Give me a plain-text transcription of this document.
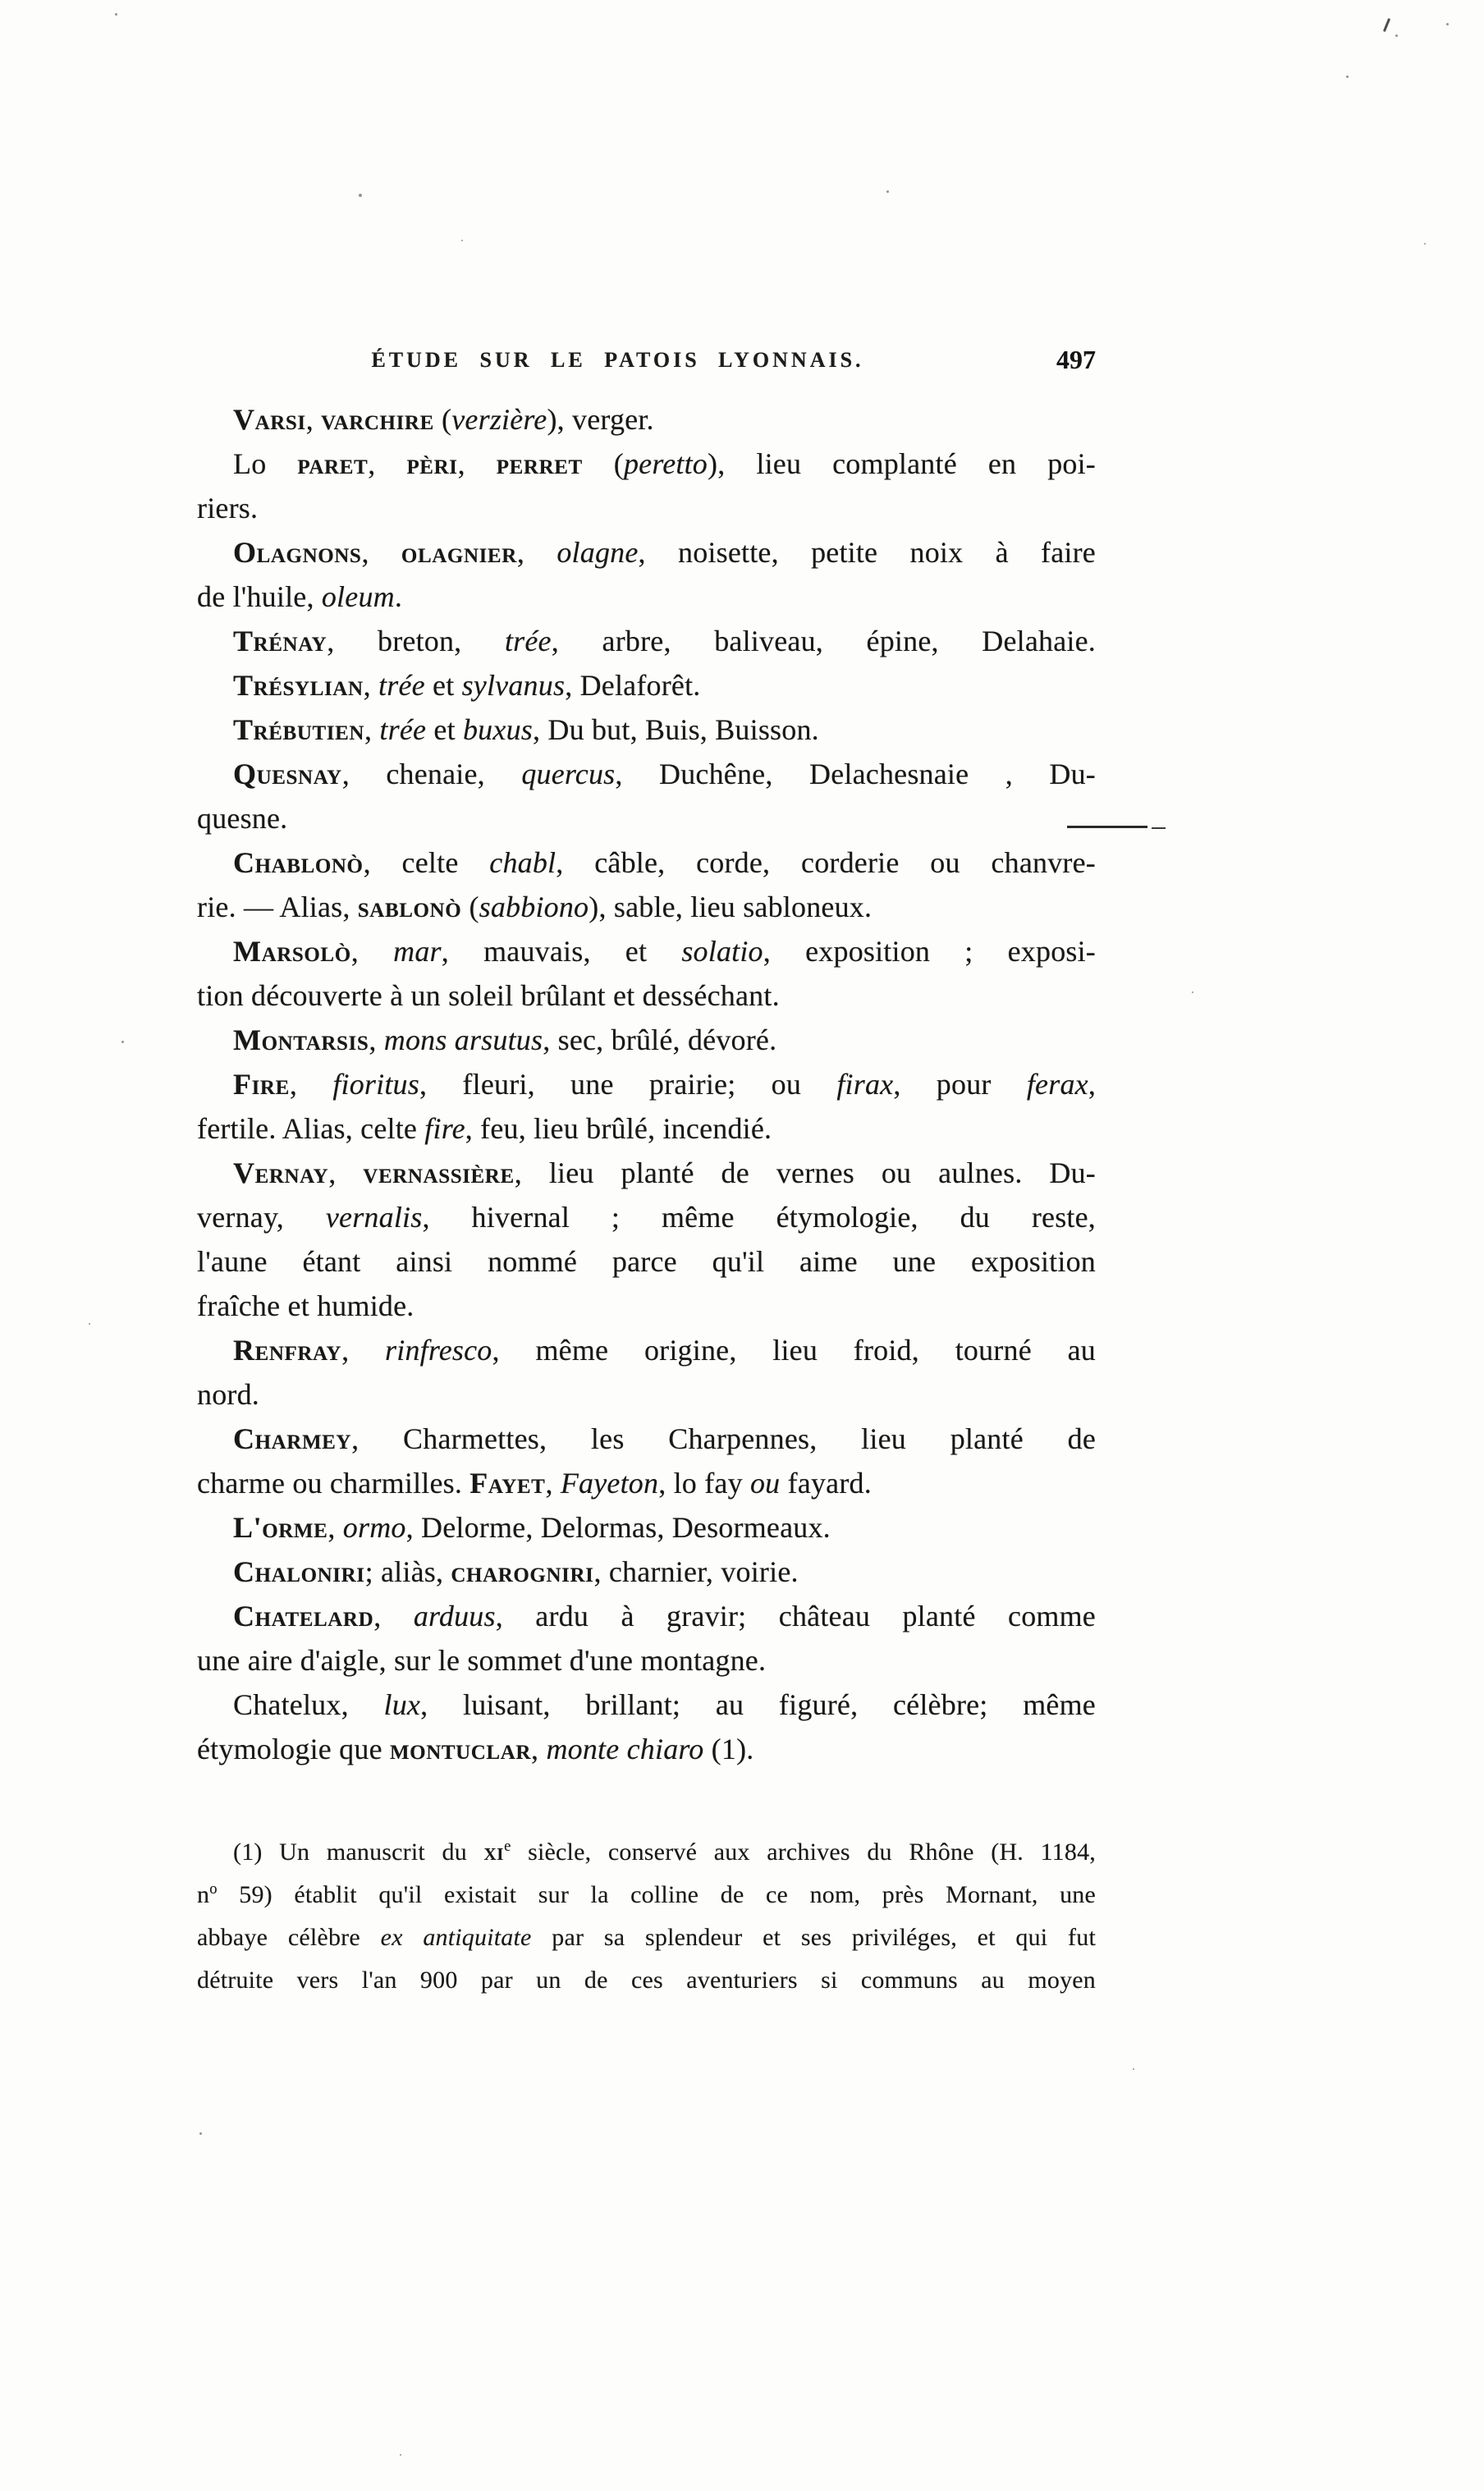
ÉTUDE SUR LE PATOIS LYONNAIS.	497
Varsi, varchire (verzière), verger.
Lo paret, pèri, perret (peretto), lieu complanté en poi-
riers.
Olagnons, olagnier, olagne, noisette, petite noix à faire
de l'huile, oleum.
Trénay, breton, trée, arbre, baliveau, épine, Delahaie.
Trésylian, trée et sylvanus, Delaforêt.
Trébutien, trée et buxus, Du but, Buis, Buisson.
Quesnay, chenaie, quercus, Duchêne, Delachesnaie , Du-
quesne.
Chablonò, celte chabl, câble, corde, corderie ou chanvre-
rie. — Alias, sablonò (sabbiono), sable, lieu sabloneux.
Marsolò, mar, mauvais, et solatio, exposition ; exposi-
tion découverte à un soleil brûlant et desséchant.
Montarsis, mons arsutus, sec, brûlé, dévoré.
Fire, fioritus, fleuri, une prairie; ou firax, pour ferax,
fertile. Alias, celte fire, feu, lieu brûlé, incendié.
Vernay, vernassière, lieu planté de vernes ou aulnes. Du-
vernay, vernalis, hivernal ; même étymologie, du reste,
l'aune étant ainsi nommé parce qu'il aime une exposition
fraîche et humide.
Renfray, rinfresco, même origine, lieu froid, tourné au
nord.
Charmey, Charmettes, les Charpennes, lieu planté de
charme ou charmilles. Fayet, Fayeton, lo fay ou fayard.
L'orme, ormo, Delorme, Delormas, Desormeaux.
Chaloniri; aliàs, charogniri, charnier, voirie.
Chatelard, arduus, ardu à gravir; château planté comme
une aire d'aigle, sur le sommet d'une montagne.
Chatelux, lux, luisant, brillant; au figuré, célèbre; même
étymologie que montuclar, monte chiaro (1).
(1) Un manuscrit du $xi^e$ siècle, conservé aux archives du Rhône (H. 1184,
$n^o$ 59) établit qu'il existait sur la colline de ce nom, près Mornant, une
abbaye célèbre ex antiquitate par sa splendeur et ses priviléges, et qui fut
détruite vers l'an 900 par un de ces aventuriers si communs au moyen
